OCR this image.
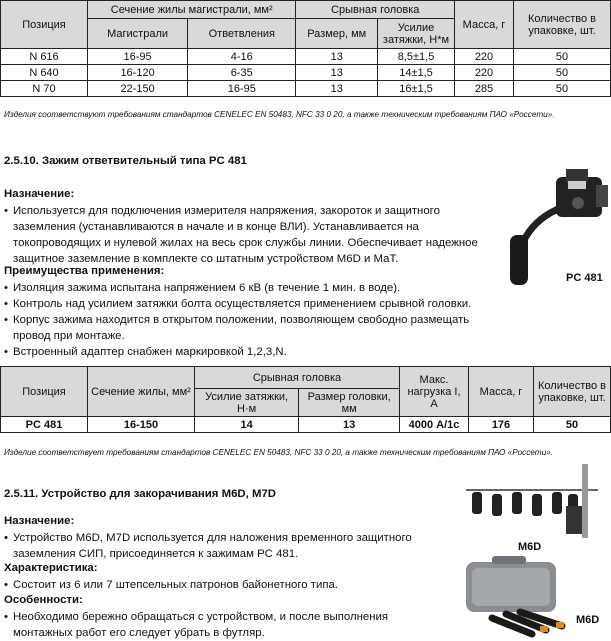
Позиция	Сечение жилы магистрали, мм²		Срывная головка		Масса, г	Количество в упаковке, шт.
	Магистрали	Ответвления	Размер, мм	Усилие затяжки, Н*м		
N 616	16-95	4-16	13	8,5±1,5	220	50
N 640	16-120	6-35	13	14±1,5	220	50
N 70	22-150	16-95	13	16±1,5	285	50
Изделия соответствуют требованиям стандартов CENELEC EN 50483, NFC 33 0 20, а также техническим требованиям ПАО «Россети».
2.5.10. Зажим ответвительный типа PC 481
Назначение:
• Используется для подключения измерителя напряжения, закороток и защитного заземления (устанавливаются в начале и в конце ВЛИ). Устанавливается на токопроводящих и нулевой жилах на весь срок службы линии. Обеспечивает надежное защитное заземление в комплекте со штатным устройством М6D и МаТ.
Преимущества применения:
• Изоляция зажима испытана напряжением 6 кВ (в течение 1 мин. в воде).
• Контроль над усилием затяжки болта осуществляется применением срывной головки.
• Корпус зажима находится в открытом положении, позволяющем свободно размещать провод при монтаже.
• Встроенный адаптер снабжен маркировкой 1,2,3,N.
PC 481
Позиция	Сечение жилы, мм²	Срывная головка		Макс. нагрузка I, А	Масса, г	Количество в упаковке, шт.
		Усилие затяжки, Н·м	Размер головки, мм			
PC 481	16-150	14	13	4000 А/1с	176	50
Изделие соответствует требованиям стандартов CENELEC EN 50483, NFC 33 0 20, а также техническим требованиям ПАО «Россети».
2.5.11. Устройство для закорачивания М6D, M7D
Назначение:
• Устройство М6D, М7D используется для наложения временного защитного заземления СИП, присоединяется к зажимам PC 481.
Характеристика:
• Состоит из 6 или 7 штепсельных патронов байонетного типа.
Особенности:
• Необходимо бережно обращаться с устройством, и после выполнения монтажных работ его следует убрать в футляр.
M6D
M6D
